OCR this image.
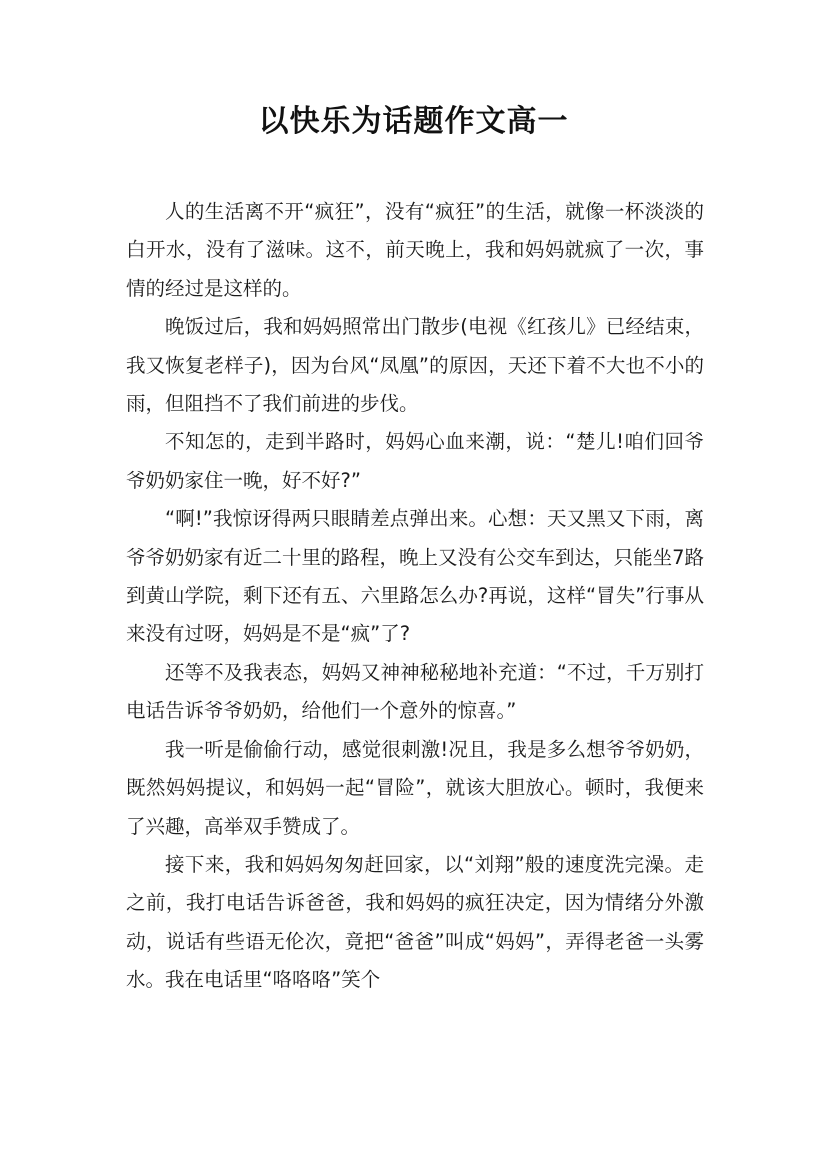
以快乐为话题作文高一

人的生活离不开“疯狂”，没有“疯狂”的生活，就像一杯淡淡的白开水，没有了滋味。这不，前天晚上，我和妈妈就疯了一次，事情的经过是这样的。

晚饭过后，我和妈妈照常出门散步(电视《红孩儿》已经结束，我又恢复老样子)，因为台风“凤凰”的原因，天还下着不大也不小的雨，但阻挡不了我们前进的步伐。

不知怎的，走到半路时，妈妈心血来潮，说：“楚儿!咱们回爷爷奶奶家住一晚，好不好?”

“啊!”我惊讶得两只眼睛差点弹出来。心想：天又黑又下雨，离爷爷奶奶家有近二十里的路程，晚上又没有公交车到达，只能坐7路到黄山学院，剩下还有五、六里路怎么办?再说，这样“冒失”行事从来没有过呀，妈妈是不是“疯”了?

还等不及我表态，妈妈又神神秘秘地补充道：“不过，千万别打电话告诉爷爷奶奶，给他们一个意外的惊喜。”

我一听是偷偷行动，感觉很刺激!况且，我是多么想爷爷奶奶，既然妈妈提议，和妈妈一起“冒险”，就该大胆放心。顿时，我便来了兴趣，高举双手赞成了。

接下来，我和妈妈匆匆赶回家，以“刘翔”般的速度洗完澡。走之前，我打电话告诉爸爸，我和妈妈的疯狂决定，因为情绪分外激动，说话有些语无伦次，竟把“爸爸”叫成“妈妈”，弄得老爸一头雾水。我在电话里“咯咯咯”笑个
